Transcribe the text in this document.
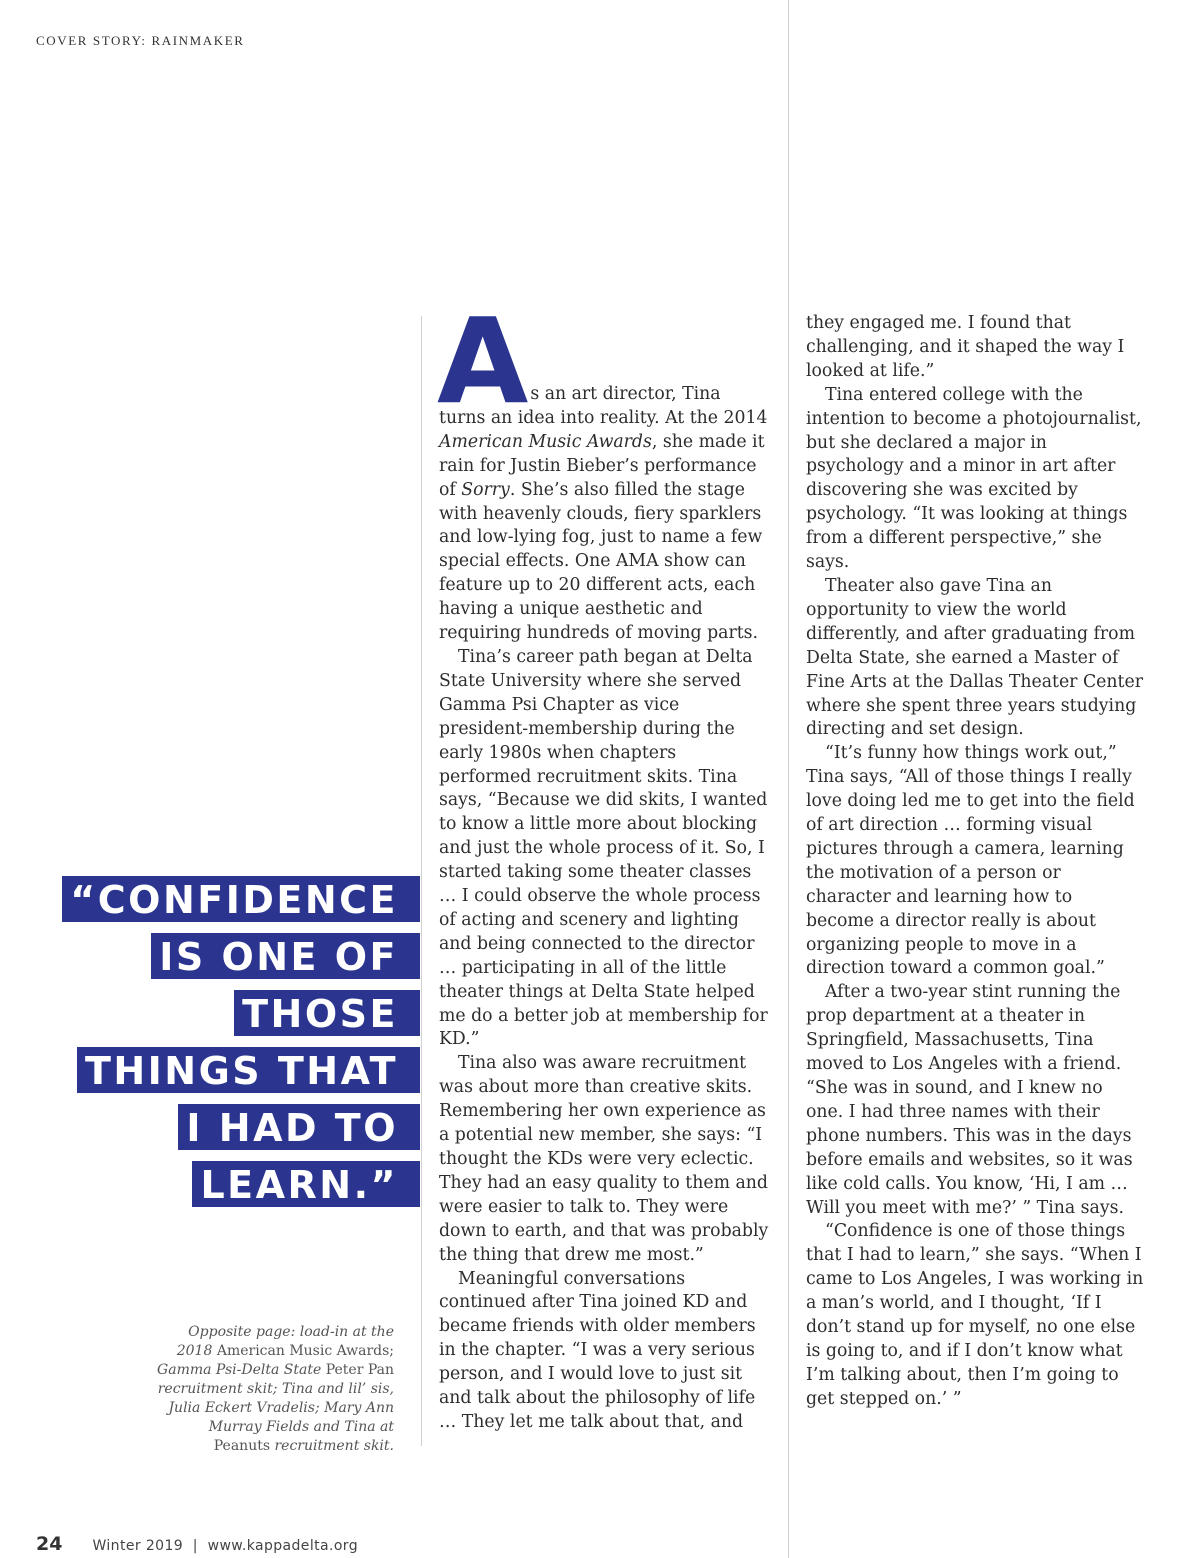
COVER STORY: RAINMAKER
“CONFIDENCE
IS ONE OF
THOSE
THINGS THAT
I HAD TO
LEARN.”
Opposite page: load-in at the 2018 American Music Awards; Gamma Psi-Delta State Peter Pan recruitment skit; Tina and lil’ sis, Julia Eckert Vradelis; Mary Ann Murray Fields and Tina at Peanuts recruitment skit.

As an art director, Tina turns an idea into reality. At the 2014 American Music Awards, she made it rain for Justin Bieber’s performance of Sorry. She’s also filled the stage with heavenly clouds, fiery sparklers and low-lying fog, just to name a few special effects. One AMA show can feature up to 20 different acts, each having a unique aesthetic and requiring hundreds of moving parts.

Tina’s career path began at Delta State University where she served Gamma Psi Chapter as vice president-membership during the early 1980s when chapters performed recruitment skits. Tina says, “Because we did skits, I wanted to know a little more about blocking and just the whole process of it. So, I started taking some theater classes … I could observe the whole process of acting and scenery and lighting and being connected to the director … participating in all of the little theater things at Delta State helped me do a better job at membership for KD.”

Tina also was aware recruitment was about more than creative skits. Remembering her own experience as a potential new member, she says: “I thought the KDs were very eclectic. They had an easy quality to them and were easier to talk to. They were down to earth, and that was probably the thing that drew me most.”

Meaningful conversations continued after Tina joined KD and became friends with older members in the chapter. “I was a very serious person, and I would love to just sit and talk about the philosophy of life … They let me talk about that, and

they engaged me. I found that challenging, and it shaped the way I looked at life.”

Tina entered college with the intention to become a photojournalist, but she declared a major in psychology and a minor in art after discovering she was excited by psychology. “It was looking at things from a different perspective,” she says.

Theater also gave Tina an opportunity to view the world differently, and after graduating from Delta State, she earned a Master of Fine Arts at the Dallas Theater Center where she spent three years studying directing and set design.

“It’s funny how things work out,” Tina says, “All of those things I really love doing led me to get into the field of art direction … forming visual pictures through a camera, learning the motivation of a person or character and learning how to become a director really is about organizing people to move in a direction toward a common goal.”

After a two-year stint running the prop department at a theater in Springfield, Massachusetts, Tina moved to Los Angeles with a friend. “She was in sound, and I knew no one. I had three names with their phone numbers. This was in the days before emails and websites, so it was like cold calls. You know, ‘Hi, I am … Will you meet with me?’ ” Tina says.

“Confidence is one of those things that I had to learn,” she says. “When I came to Los Angeles, I was working in a man’s world, and I thought, ‘If I don’t stand up for myself, no one else is going to, and if I don’t know what I’m talking about, then I’m going to get stepped on.’ ”

24 Winter 2019  |  www.kappadelta.org
